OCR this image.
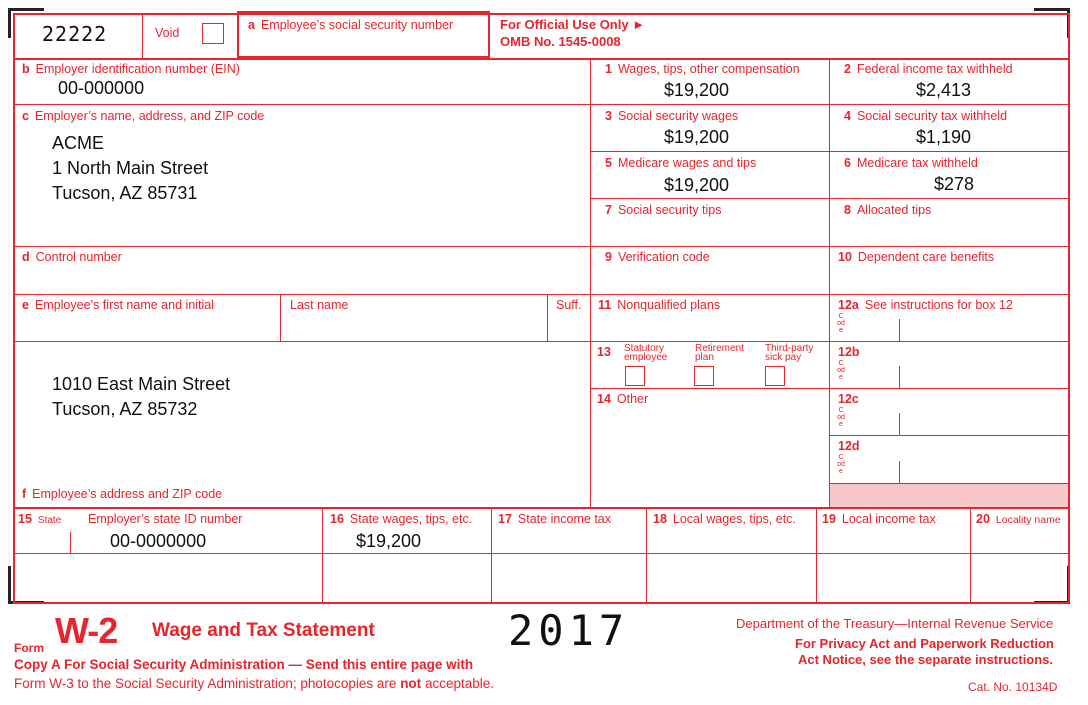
22222	Void
a Employee’s social security number	For Official Use Only ►
OMB No. 1545-0008
b Employer identification number (EIN)
00-000000
c Employer’s name, address, and ZIP code
ACME
1 North Main Street
Tucson, AZ 85731
d Control number
e Employee’s first name and initial	Last name	Suff.
1010 East Main Street
Tucson, AZ 85732
f Employee’s address and ZIP code
1 Wages, tips, other compensation
$19,200
2 Federal income tax withheld
$2,413
3 Social security wages
$19,200
4 Social security tax withheld
$1,190
5 Medicare wages and tips
$19,200
6 Medicare tax withheld
$278
7 Social security tips	8 Allocated tips
9 Verification code	10 Dependent care benefits
11 Nonqualified plans	12a See instructions for box 12
Code
12b
Code
12c
Code
12d
Code
13 Statutory
employee
Retirement
plan
Third-party
sick pay
14 Other
15 State Employer’s state ID number
00-0000000
16 State wages, tips, etc.
$19,200
17 State income tax	18 Local wages, tips, etc. 19 Local income tax	20 Locality name
Form W-2 Wage and Tax Statement	2017	Department of the Treasury—Internal Revenue Service
For Privacy Act and Paperwork Reduction
Act Notice, see the separate instructions.
Copy A For Social Security Administration — Send this entire page with
Form W-3 to the Social Security Administration; photocopies are not acceptable.	Cat. No. 10134D
